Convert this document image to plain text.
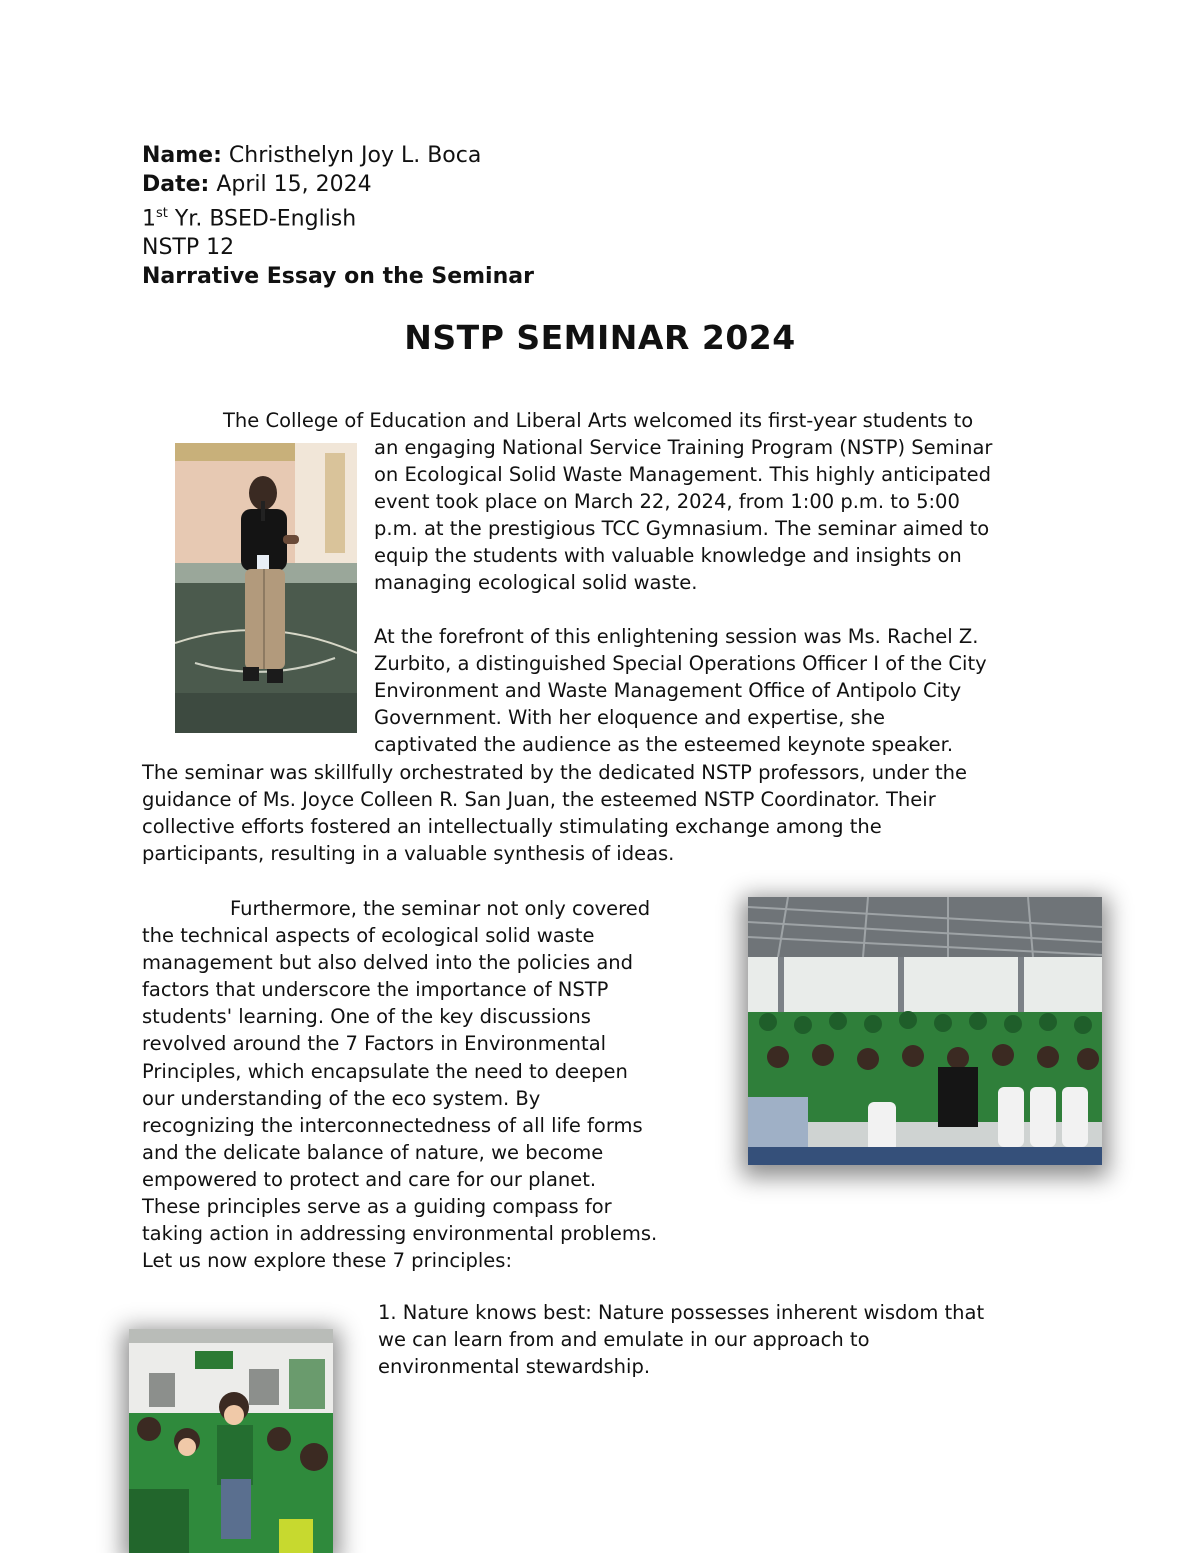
Name: Christhelyn Joy L. Boca
Date: April 15, 2024
1st Yr. BSED-English
NSTP 12
Narrative Essay on the Seminar
NSTP SEMINAR 2024
The College of Education and Liberal Arts welcomed its first-year students to
an engaging National Service Training Program (NSTP) Seminar
on Ecological Solid Waste Management. This highly anticipated
event took place on March 22, 2024, from 1:00 p.m. to 5:00
p.m. at the prestigious TCC Gymnasium. The seminar aimed to
equip the students with valuable knowledge and insights on
managing ecological solid waste.
At the forefront of this enlightening session was Ms. Rachel Z.
Zurbito, a distinguished Special Operations Officer I of the City
Environment and Waste Management Office of Antipolo City
Government. With her eloquence and expertise, she
captivated the audience as the esteemed keynote speaker.
The seminar was skillfully orchestrated by the dedicated NSTP professors, under the
guidance of Ms. Joyce Colleen R. San Juan, the esteemed NSTP Coordinator. Their
collective efforts fostered an intellectually stimulating exchange among the
participants, resulting in a valuable synthesis of ideas.
Furthermore, the seminar not only covered
the technical aspects of ecological solid waste
management but also delved into the policies and
factors that underscore the importance of NSTP
students' learning. One of the key discussions
revolved around the 7 Factors in Environmental
Principles, which encapsulate the need to deepen
our understanding of the eco system. By
recognizing the interconnectedness of all life forms
and the delicate balance of nature, we become
empowered to protect and care for our planet.
These principles serve as a guiding compass for
taking action in addressing environmental problems.
Let us now explore these 7 principles:
1. Nature knows best: Nature possesses inherent wisdom that
we can learn from and emulate in our approach to
environmental stewardship.
